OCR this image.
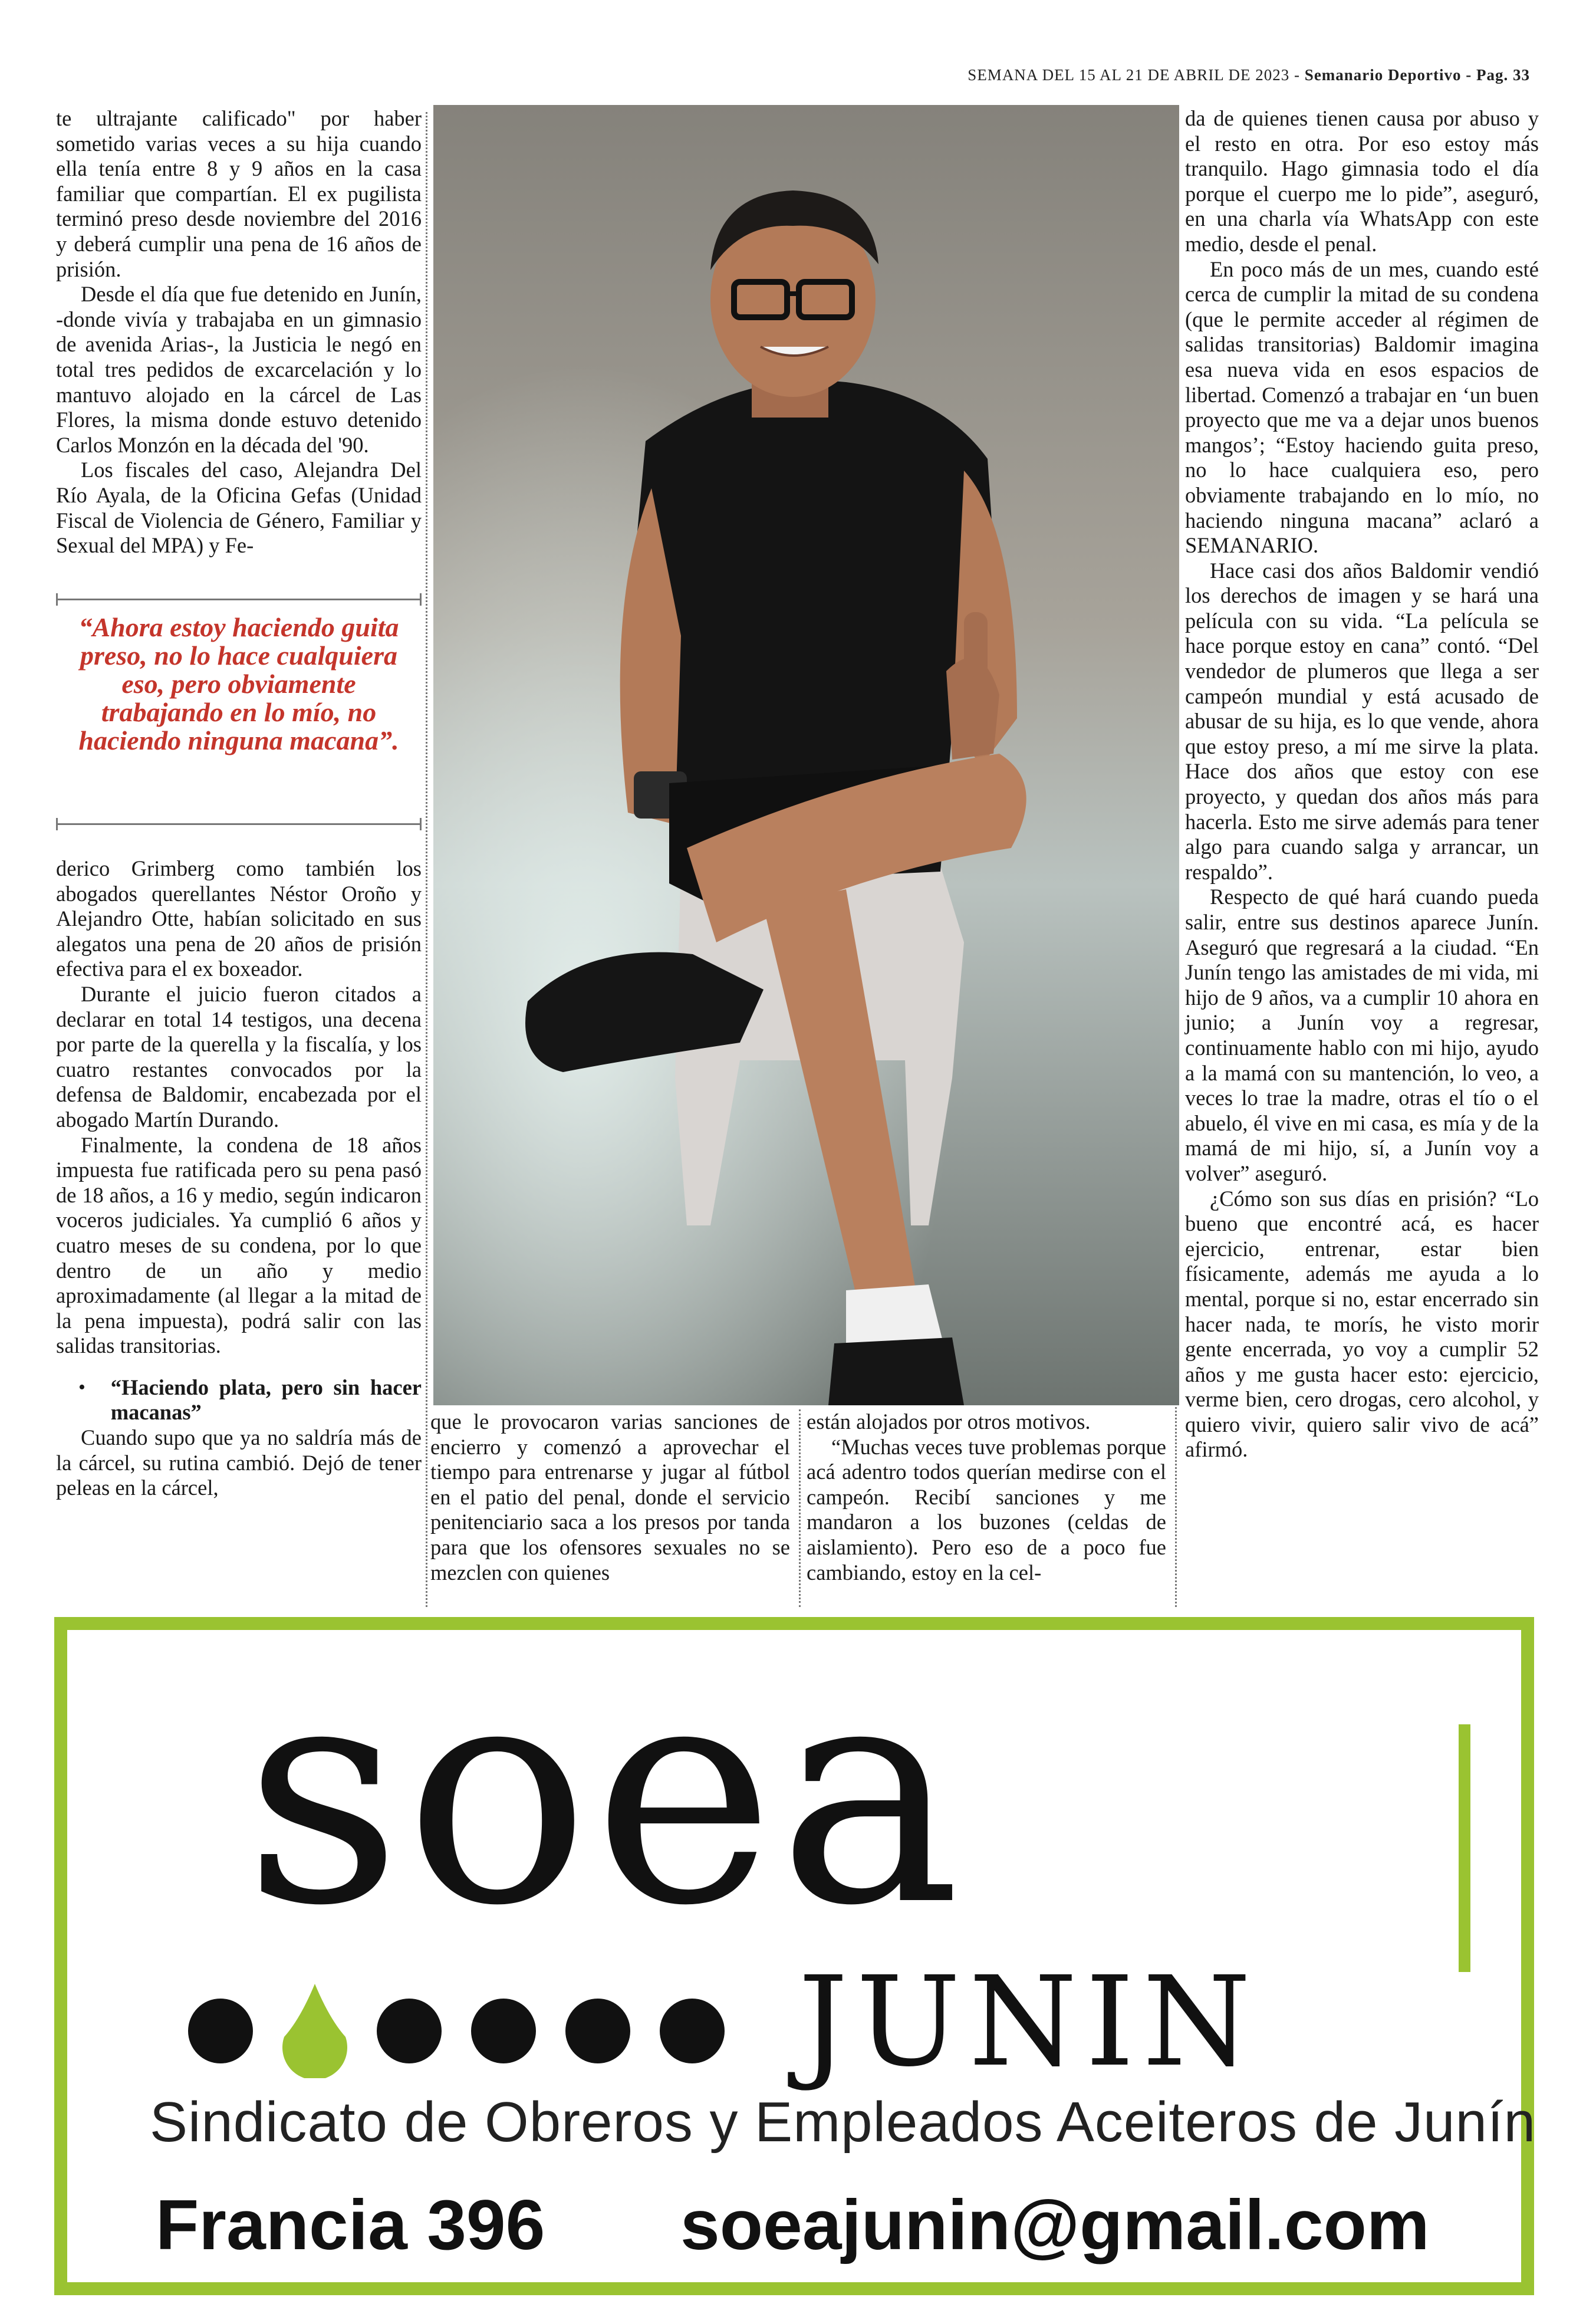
SEMANA DEL 15 AL 21 DE ABRIL DE 2023 - Semanario Deportivo - Pag. 33

te ultrajante calificado" por haber sometido varias veces a su hija cuando ella tenía entre 8 y 9 años en la casa familiar que compartían. El ex pugilista terminó preso desde noviembre del 2016 y deberá cumplir una pena de 16 años de prisión.

Desde el día que fue detenido en Junín, -donde vivía y trabajaba en un gimnasio de avenida Arias-, la Justicia le negó en total tres pedidos de excarcelación y lo mantuvo alojado en la cárcel de Las Flores, la misma donde estuvo detenido Carlos Monzón en la década del '90.

Los fiscales del caso, Alejandra Del Río Ayala, de la Oficina Gefas (Unidad Fiscal de Violencia de Género, Familiar y Sexual del MPA) y Fe-

“Ahora estoy haciendo guita preso, no lo hace cualquiera eso, pero obviamente trabajando en lo mío, no haciendo ninguna macana”.

derico Grimberg como también los abogados querellantes Néstor Oroño y Alejandro Otte, habían solicitado en sus alegatos una pena de 20 años de prisión efectiva para el ex boxeador.

Durante el juicio fueron citados a declarar en total 14 testigos, una decena por parte de la querella y la fiscalía, y los cuatro restantes convocados por la defensa de Baldomir, encabezada por el abogado Martín Durando.

Finalmente, la condena de 18 años impuesta fue ratificada pero su pena pasó de 18 años, a 16 y medio, según indicaron voceros judiciales. Ya cumplió 6 años y cuatro meses de su condena, por lo que dentro de un año y medio aproximadamente (al llegar a la mitad de la pena impuesta), podrá salir con las salidas transitorias.

•	“Haciendo plata, pero sin hacer macanas”

Cuando supo que ya no saldría más de la cárcel, su rutina cambió. Dejó de tener peleas en la cárcel,

que le provocaron varias sanciones de encierro y comenzó a aprovechar el tiempo para entrenarse y jugar al fútbol en el patio del penal, donde el servicio penitenciario saca a los presos por tanda para que los ofensores sexuales no se mezclen con quienes

están alojados por otros motivos.

“Muchas veces tuve problemas porque acá adentro todos querían medirse con el campeón. Recibí sanciones y me mandaron a los buzones (celdas de aislamiento). Pero eso de a poco fue cambiando, estoy en la cel-

da de quienes tienen causa por abuso y el resto en otra. Por eso estoy más tranquilo. Hago gimnasia todo el día porque el cuerpo me lo pide”, aseguró, en una charla vía WhatsApp con este medio, desde el penal.

En poco más de un mes, cuando esté cerca de cumplir la mitad de su condena (que le permite acceder al régimen de salidas transitorias) Baldomir imagina esa nueva vida en esos espacios de libertad. Comenzó a trabajar en ‘un buen proyecto que me va a dejar unos buenos mangos’; “Estoy haciendo guita preso, no lo hace cualquiera eso, pero obviamente trabajando en lo mío, no haciendo ninguna macana” aclaró a SEMANARIO.

Hace casi dos años Baldomir vendió los derechos de imagen y se hará una película con su vida. “La película se hace porque estoy en cana” contó. “Del vendedor de plumeros que llega a ser campeón mundial y está acusado de abusar de su hija, es lo que vende, ahora que estoy preso, a mí me sirve la plata. Hace dos años que estoy con ese proyecto, y quedan dos años más para hacerla. Esto me sirve además para tener algo para cuando salga y arrancar, un respaldo”.

Respecto de qué hará cuando pueda salir, entre sus destinos aparece Junín. Aseguró que regresará a la ciudad. “En Junín tengo las amistades de mi vida, mi hijo de 9 años, va a cumplir 10 ahora en junio; a Junín voy a regresar, continuamente hablo con mi hijo, ayudo a la mamá con su mantención, lo veo, a veces lo trae la madre, otras el tío o el abuelo, él vive en mi casa, es mía y de la mamá de mi hijo, sí, a Junín voy a volver” aseguró.

¿Cómo son sus días en prisión? “Lo bueno que encontré acá, es hacer ejercicio, entrenar, estar bien físicamente, además me ayuda a lo mental, porque si no, estar encerrado sin hacer nada, te morís, he visto morir gente encerrada, yo voy a cumplir 52 años y me gusta hacer esto: ejercicio, verme bien, cero drogas, cero alcohol, y quiero vivir, quiero salir vivo de acá” afirmó.

soea
JUNIN
Sindicato de Obreros y Empleados Aceiteros de Junín
Francia 396 soeajunin@gmail.com
